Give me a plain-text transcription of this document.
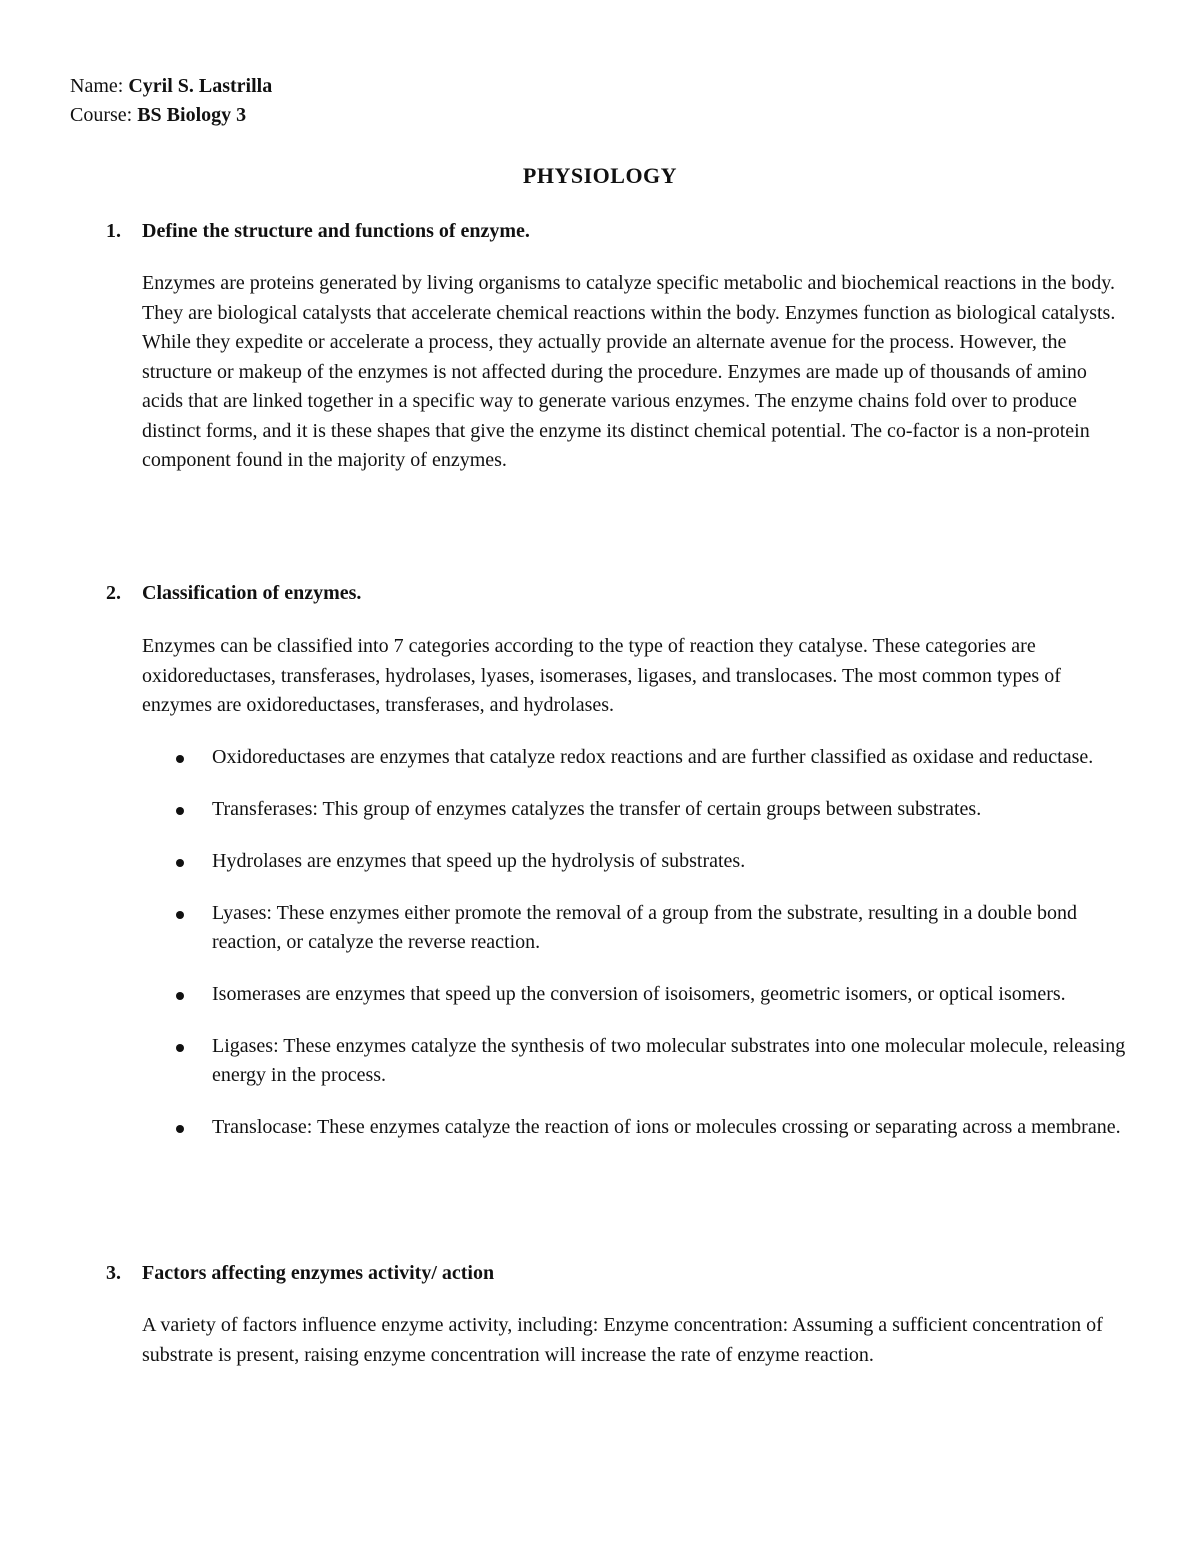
Name: Cyril S. Lastrilla
Course: BS Biology 3
PHYSIOLOGY
1. Define the structure and functions of enzyme.
Enzymes are proteins generated by living organisms to catalyze specific metabolic and biochemical reactions in the body. They are biological catalysts that accelerate chemical reactions within the body. Enzymes function as biological catalysts. While they expedite or accelerate a process, they actually provide an alternate avenue for the process. However, the structure or makeup of the enzymes is not affected during the procedure. Enzymes are made up of thousands of amino acids that are linked together in a specific way to generate various enzymes. The enzyme chains fold over to produce distinct forms, and it is these shapes that give the enzyme its distinct chemical potential. The co-factor is a non-protein component found in the majority of enzymes.
2. Classification of enzymes.
Enzymes can be classified into 7 categories according to the type of reaction they catalyse. These categories are oxidoreductases, transferases, hydrolases, lyases, isomerases, ligases, and translocases. The most common types of enzymes are oxidoreductases, transferases, and hydrolases.
Oxidoreductases are enzymes that catalyze redox reactions and are further classified as oxidase and reductase.
Transferases: This group of enzymes catalyzes the transfer of certain groups between substrates.
Hydrolases are enzymes that speed up the hydrolysis of substrates.
Lyases: These enzymes either promote the removal of a group from the substrate, resulting in a double bond reaction, or catalyze the reverse reaction.
Isomerases are enzymes that speed up the conversion of isoisomers, geometric isomers, or optical isomers.
Ligases: These enzymes catalyze the synthesis of two molecular substrates into one molecular molecule, releasing energy in the process.
Translocase: These enzymes catalyze the reaction of ions or molecules crossing or separating across a membrane.
3. Factors affecting enzymes activity/ action
A variety of factors influence enzyme activity, including: Enzyme concentration: Assuming a sufficient concentration of substrate is present, raising enzyme concentration will increase the rate of enzyme reaction.
